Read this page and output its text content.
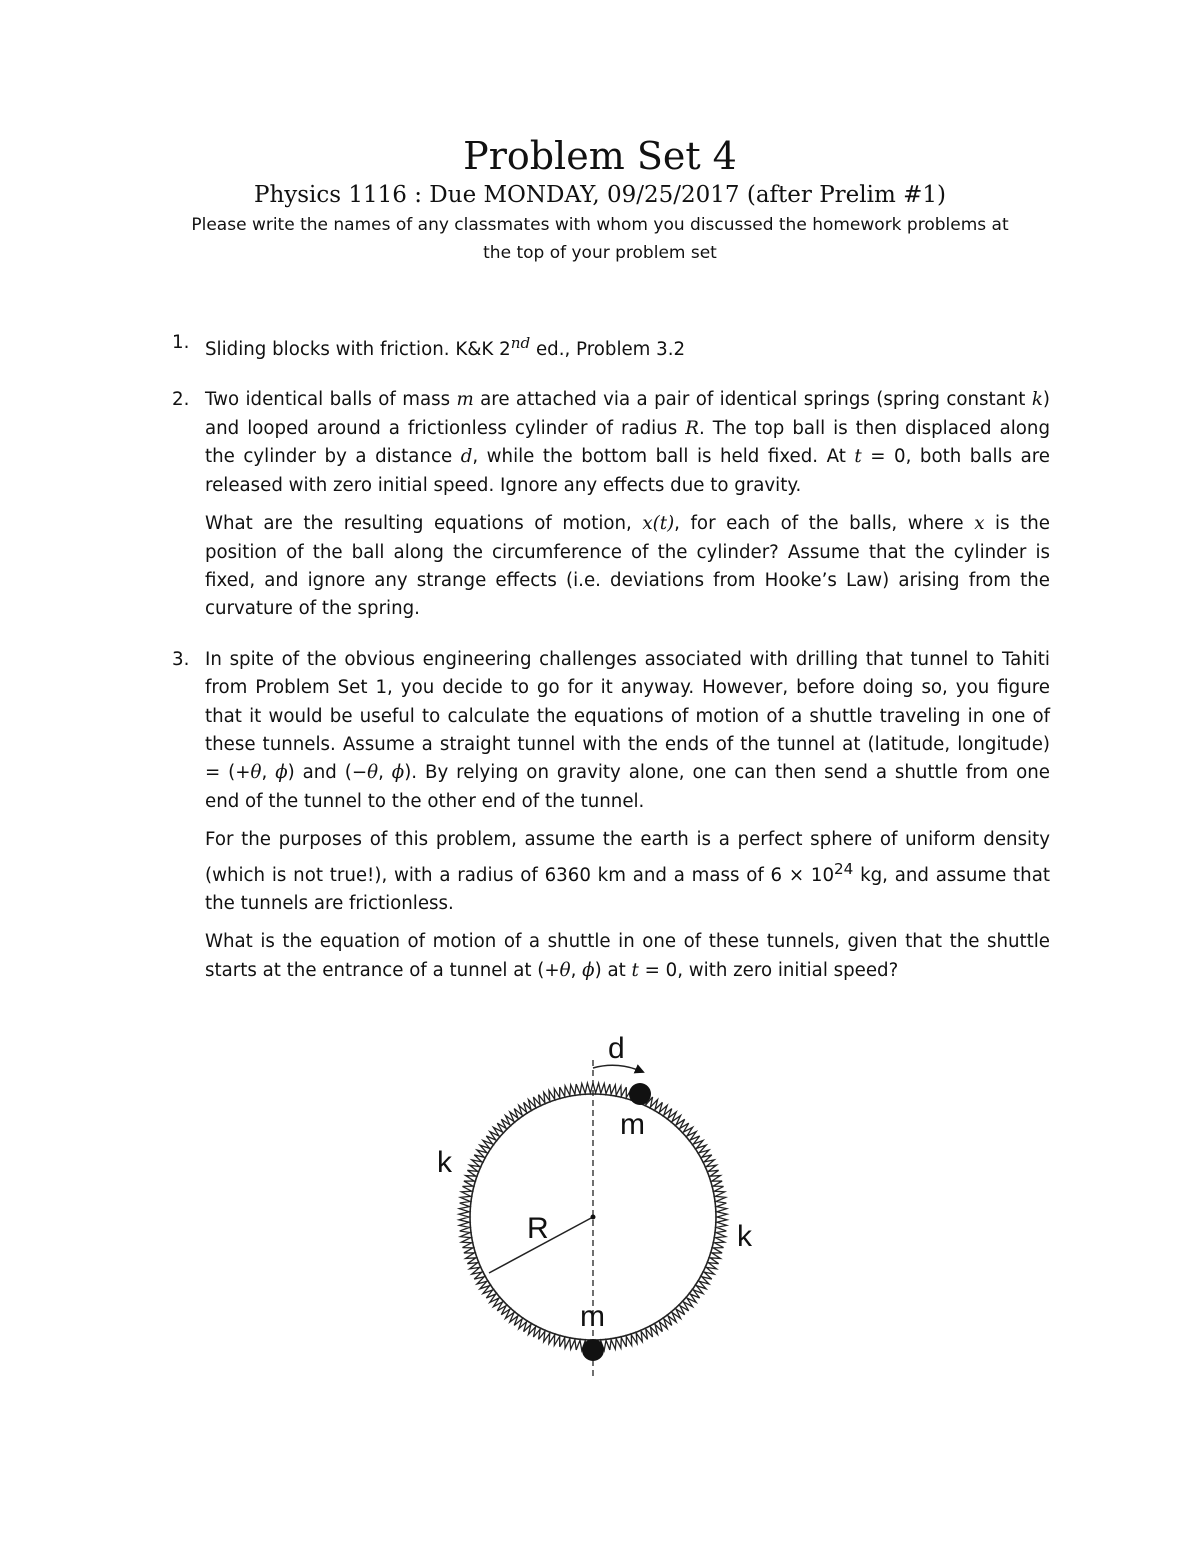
Problem Set 4
Physics 1116 : Due MONDAY, 09/25/2017 (after Prelim #1)
Please write the names of any classmates with whom you discussed the homework problems at
the top of your problem set
1. Sliding blocks with friction. K&K 2nd ed., Problem 3.2

2. Two identical balls of mass m are attached via a pair of identical springs (spring constant k) and looped around a frictionless cylinder of radius R. The top ball is then displaced along the cylinder by a distance d, while the bottom ball is held fixed. At t = 0, both balls are released with zero initial speed. Ignore any effects due to gravity.

What are the resulting equations of motion, x(t), for each of the balls, where x is the position of the ball along the circumference of the cylinder? Assume that the cylinder is fixed, and ignore any strange effects (i.e. deviations from Hooke’s Law) arising from the curvature of the spring.

3. In spite of the obvious engineering challenges associated with drilling that tunnel to Tahiti from Problem Set 1, you decide to go for it anyway. However, before doing so, you figure that it would be useful to calculate the equations of motion of a shuttle traveling in one of these tunnels. Assume a straight tunnel with the ends of the tunnel at (latitude, longitude) = (+θ, ϕ) and (−θ, ϕ). By relying on gravity alone, one can then send a shuttle from one end of the tunnel to the other end of the tunnel.

For the purposes of this problem, assume the earth is a perfect sphere of uniform density (which is not true!), with a radius of 6360 km and a mass of $6 \times 10^{24}$ kg, and assume that the tunnels are frictionless.

What is the equation of motion of a shuttle in one of these tunnels, given that the shuttle starts at the entrance of a tunnel at (+θ, ϕ) at t = 0, with zero initial speed?

d
m
m
k
k
R
